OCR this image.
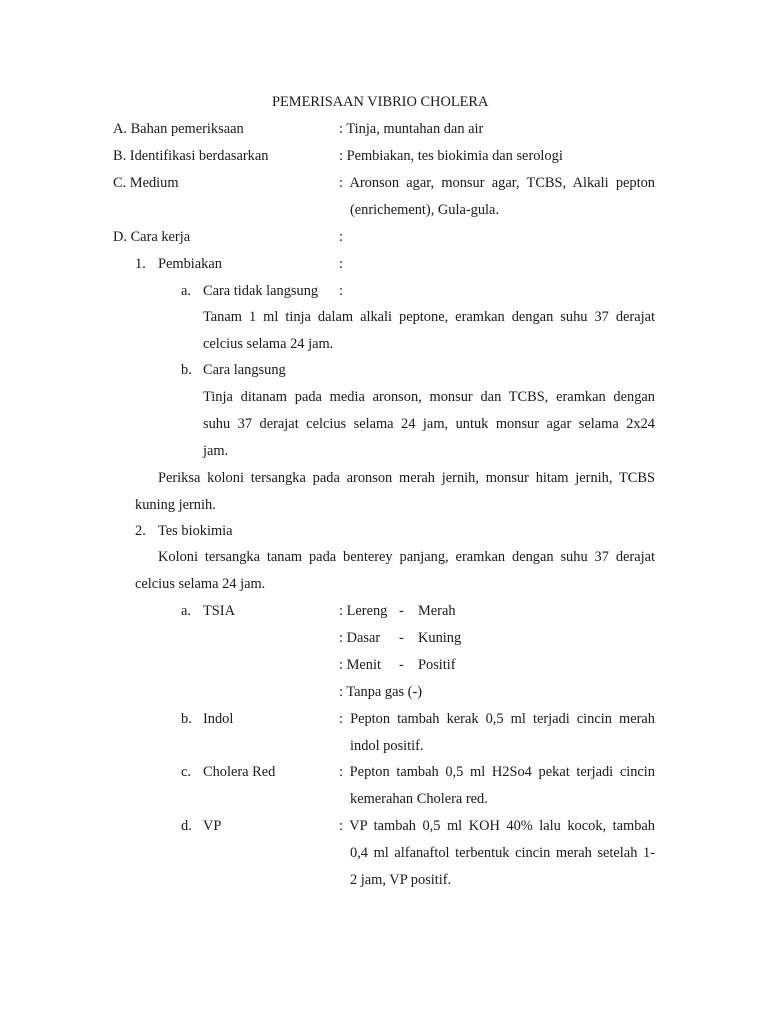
PEMERISAAN VIBRIO CHOLERA
A. Bahan pemeriksaan	: Tinja, muntahan dan air
B. Identifikasi berdasarkan	: Pembiakan, tes biokimia dan serologi
C. Medium	: Aronson agar, monsur agar, TCBS, Alkali pepton
(enrichement), Gula-gula.
D. Cara kerja	:
1. Pembiakan	:
a. Cara tidak langsung :
Tanam 1 ml tinja dalam alkali peptone, eramkan dengan suhu 37 derajat
celcius selama 24 jam.
b. Cara langsung
Tinja ditanam pada media aronson, monsur dan TCBS, eramkan dengan
suhu 37 derajat celcius selama 24 jam, untuk monsur agar selama 2x24
jam.
Periksa koloni tersangka pada aronson merah jernih, monsur hitam jernih, TCBS
kuning jernih.
2. Tes biokimia
Koloni tersangka tanam pada benterey panjang, eramkan dengan suhu 37 derajat
celcius selama 24 jam.
a. TSIA	: Lereng - Merah
: Dasar - Kuning
: Menit - Positif
: Tanpa gas (-)
b. Indol	: Pepton tambah kerak 0,5 ml terjadi cincin merah
indol positif.
c. Cholera Red	: Pepton tambah 0,5 ml H2So4 pekat terjadi cincin
kemerahan Cholera red.
d. VP	: VP tambah 0,5 ml KOH 40% lalu kocok, tambah
0,4 ml alfanaftol terbentuk cincin merah setelah 1-
2 jam, VP positif.
